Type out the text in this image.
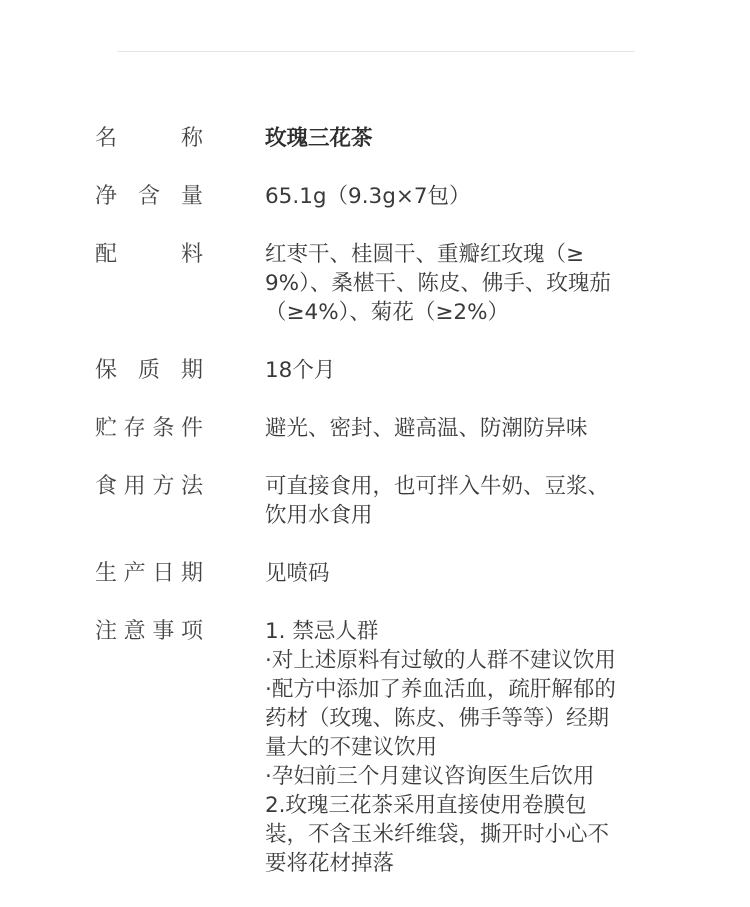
名	称	玫瑰三花茶
净 含 量	65.1g（9.3g×7包）
配	料	红枣干、桂圆干、重瓣红玫瑰（≥
9%）、桑椹干、陈皮、佛手、玫瑰茄
（≥4%）、菊花（≥2%）
保 质 期	18个月
贮 存 条 件	避光、密封、避高温、防潮防异味
食 用 方 法	可直接食用，也可拌入牛奶、豆浆、
饮用水食用
生 产 日 期	见喷码
注 意 事 项	1. 禁忌人群
·对上述原料有过敏的人群不建议饮用
·配方中添加了养血活血，疏肝解郁的
药材（玫瑰、陈皮、佛手等等）经期
量大的不建议饮用
·孕妇前三个月建议咨询医生后饮用
2.玫瑰三花茶采用直接使用卷膜包
装，不含玉米纤维袋，撕开时小心不
要将花材掉落
